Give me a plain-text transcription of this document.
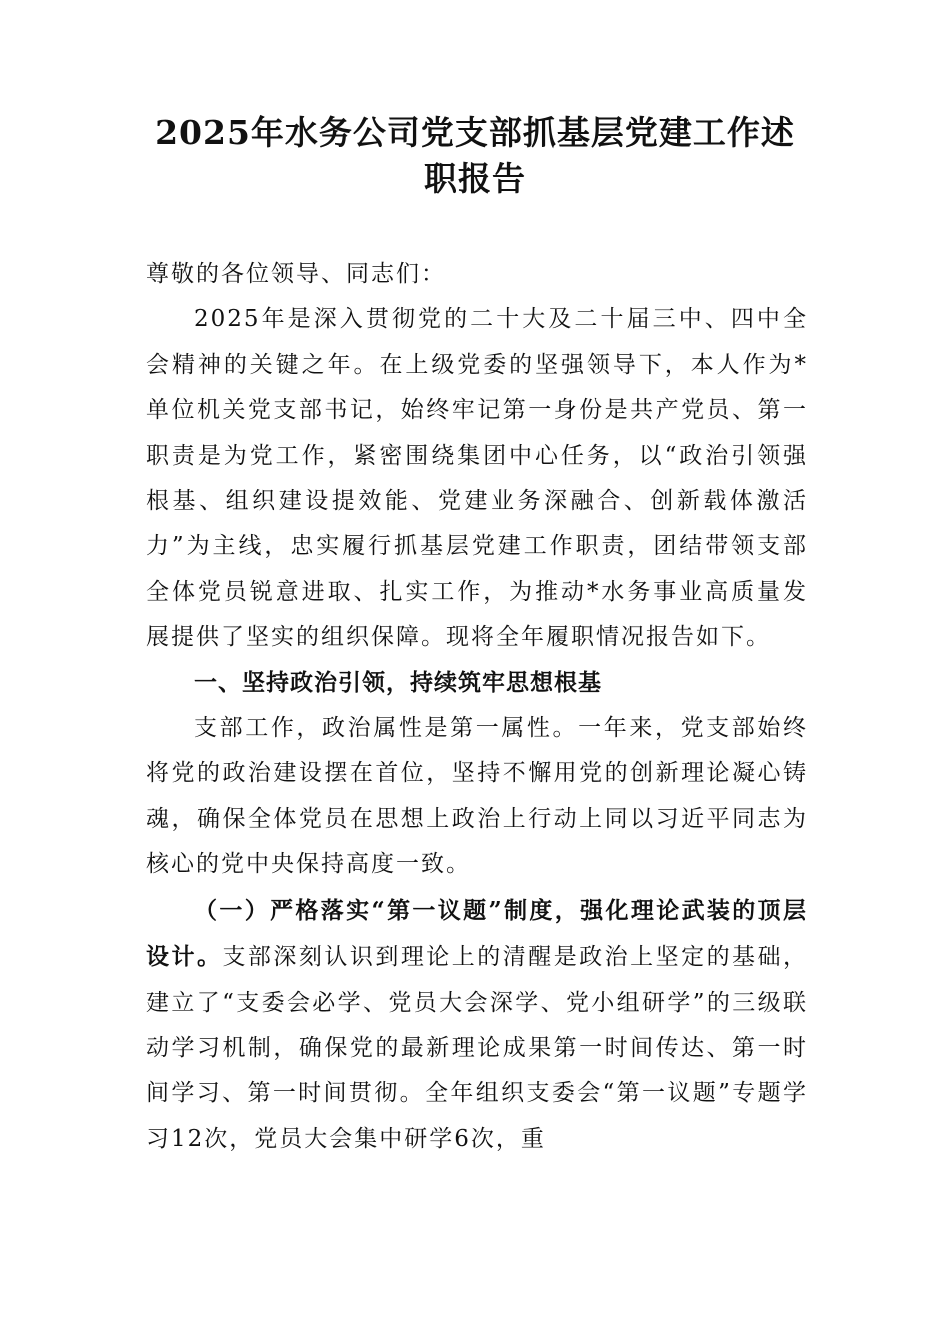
2025年水务公司党支部抓基层党建工作述
职报告

尊敬的各位领导、同志们：

2025年是深入贯彻党的二十大及二十届三中、四中全会精神的关键之年。在上级党委的坚强领导下，本人作为*单位机关党支部书记，始终牢记第一身份是共产党员、第一职责是为党工作，紧密围绕集团中心任务，以“政治引领强根基、组织建设提效能、党建业务深融合、创新载体激活力”为主线，忠实履行抓基层党建工作职责，团结带领支部全体党员锐意进取、扎实工作，为推动*水务事业高质量发展提供了坚实的组织保障。现将全年履职情况报告如下。

一、坚持政治引领，持续筑牢思想根基

支部工作，政治属性是第一属性。一年来，党支部始终将党的政治建设摆在首位，坚持不懈用党的创新理论凝心铸魂，确保全体党员在思想上政治上行动上同以习近平同志为核心的党中央保持高度一致。

（一）严格落实“第一议题”制度，强化理论武装的顶层设计。支部深刻认识到理论上的清醒是政治上坚定的基础，建立了“支委会必学、党员大会深学、党小组研学”的三级联动学习机制，确保党的最新理论成果第一时间传达、第一时间学习、第一时间贯彻。全年组织支委会“第一议题”专题学习12次，党员大会集中研学6次，重
